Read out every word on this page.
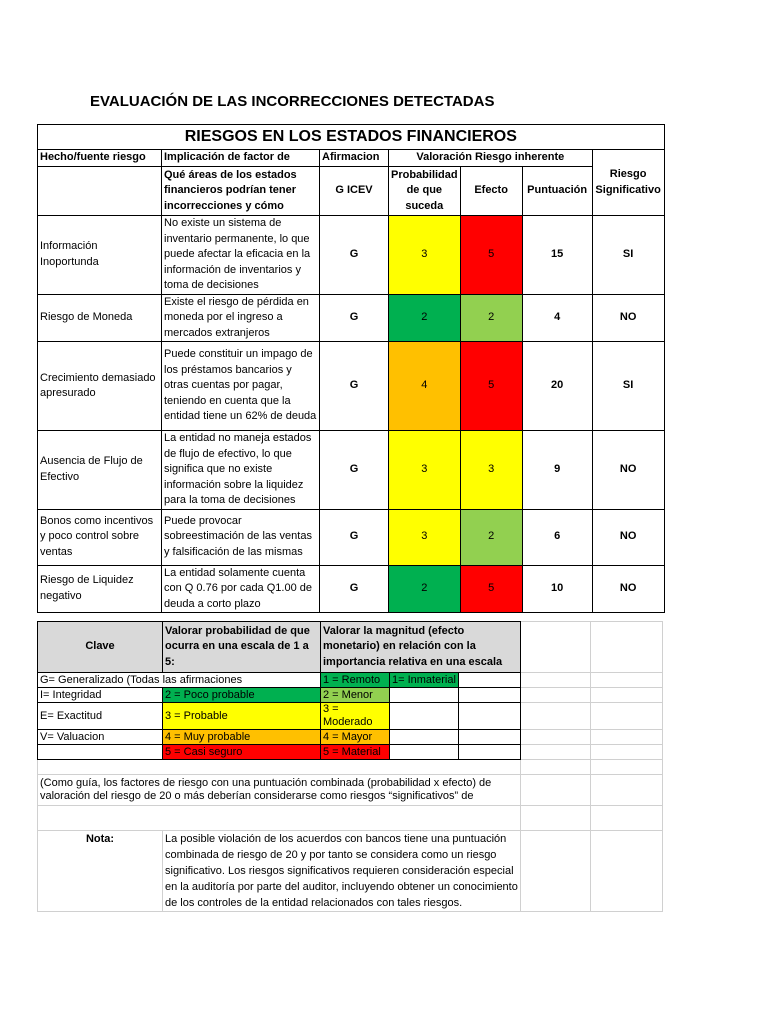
EVALUACIÓN DE LAS INCORRECCIONES DETECTADAS
RIESGOS EN LOS ESTADOS FINANCIEROS						
Hecho/fuente riesgo	Implicación de factor de	Afirmacion	Valoración Riesgo inherente			Riesgo Significativo
	Qué áreas de los estados financieros podrían tener incorrecciones y cómo	G ICEV	Probabilidad de que suceda	Efecto	Puntuación	
Información Inoportunda	No existe un sistema de inventario permanente, lo que puede afectar la eficacia en la información de inventarios y toma de decisiones	G	3	5	15	SI
Riesgo de Moneda	Existe el riesgo de pérdida en moneda por el ingreso a mercados extranjeros	G	2	2	4	NO
Crecimiento demasiado apresurado	Puede constituir un impago de los préstamos bancarios y otras cuentas por pagar, teniendo en cuenta que la entidad tiene un 62% de deuda	G	4	5	20	SI
Ausencia de Flujo de Efectivo	La entidad no maneja estados de flujo de efectivo, lo que significa que no existe información sobre la liquidez para la toma de decisiones	G	3	3	9	NO
Bonos como incentivos y poco control sobre ventas	Puede provocar sobreestimación de las ventas y falsificación de las mismas	G	3	2	6	NO
Riesgo de Liquidez negativo	La entidad solamente cuenta con Q 0.76 por cada Q1.00 de deuda a corto plazo	G	2	5	10	NO
Clave	Valorar probabilidad de que ocurra en una escala de 1 a 5:	Valorar la magnitud (efecto monetario) en relación con la importancia relativa en una escala				
G= Generalizado (Todas las afirmaciones		1 = Remoto	1= Inmaterial			
I= Integridad	2 = Poco probable	2 = Menor				
E= Exactitud	3 = Probable	3 = Moderado				
V= Valuacion	4 = Muy probable	4 = Mayor				
	5 = Casi seguro	5 = Material				

(Como guía, los factores de riesgo con una puntuación combinada (probabilidad x efecto) de valoración del riesgo de 20 o más deberían considerarse como riesgos “significativos” de						

Nota:	La posible violación de los acuerdos con bancos tiene una puntuación combinada de riesgo de 20 y por tanto se considera como un riesgo significativo. Los riesgos significativos requieren consideración especial en la auditoría por parte del auditor, incluyendo obtener un conocimiento de los controles de la entidad relacionados con tales riesgos.					
